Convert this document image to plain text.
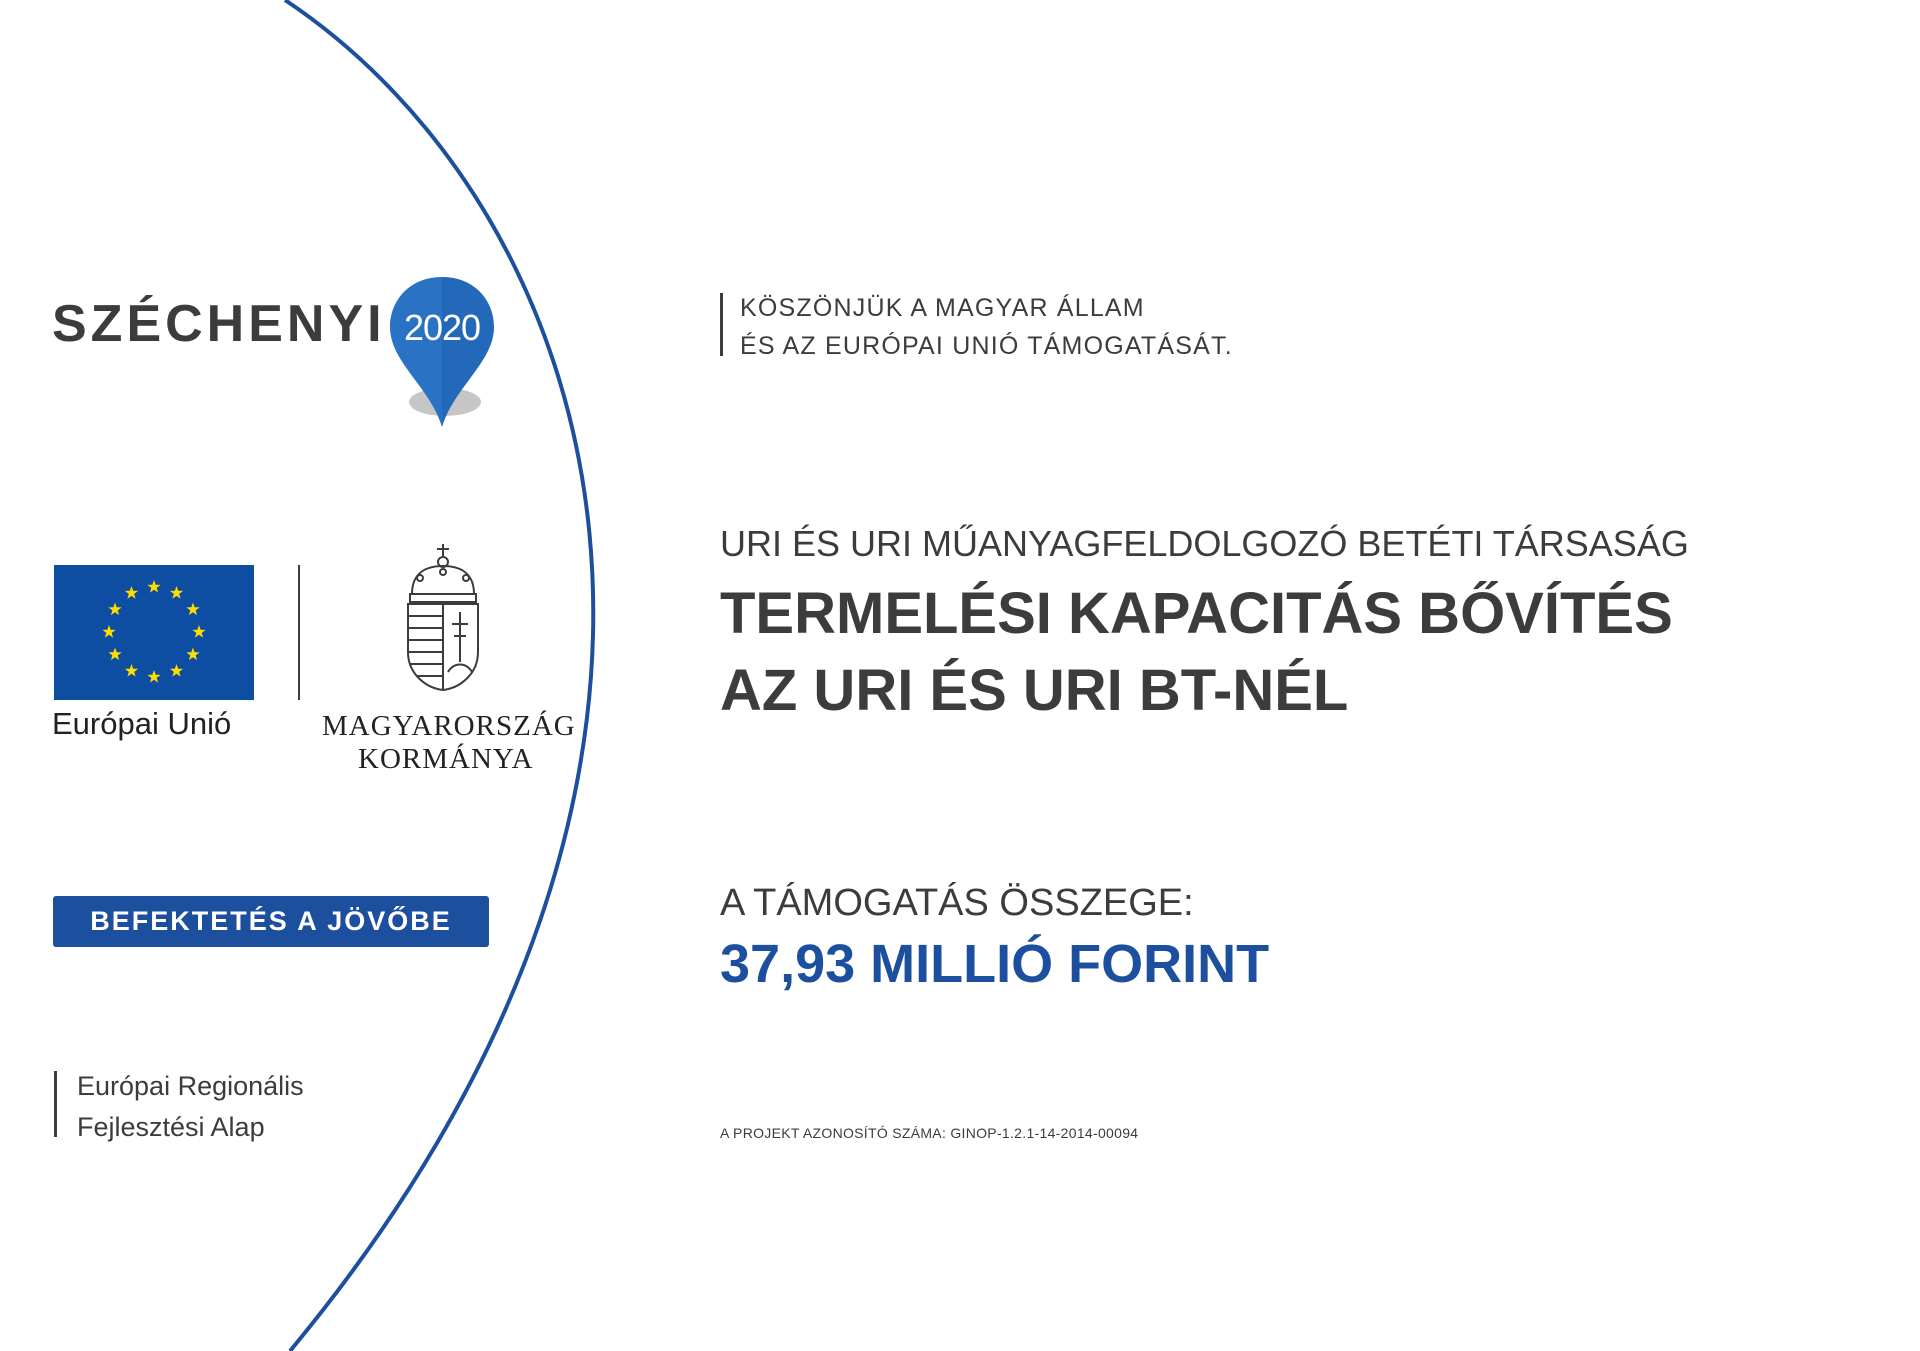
SZÉCHENYI 2020
Európai Unió	MAGYARORSZÁG
KORMÁNYA
BEFEKTETÉS A JÖVŐBE
Európai Regionális
Fejlesztési Alap
KÖSZÖNJÜK A MAGYAR ÁLLAM
ÉS AZ EURÓPAI UNIÓ TÁMOGATÁSÁT.
URI ÉS URI MŰANYAGFELDOLGOZÓ BETÉTI TÁRSASÁG
TERMELÉSI KAPACITÁS BŐVÍTÉS
AZ URI ÉS URI BT-NÉL
A TÁMOGATÁS ÖSSZEGE:
37,93 MILLIÓ FORINT
A PROJEKT AZONOSÍTÓ SZÁMA: GINOP-1.2.1-14-2014-00094
